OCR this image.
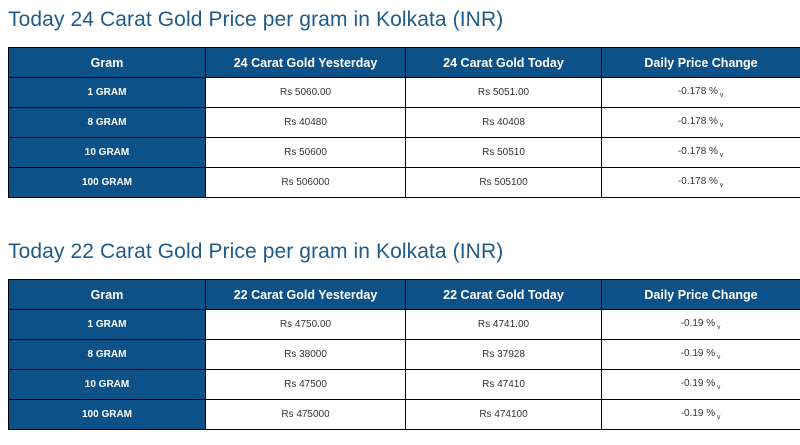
Today 24 Carat Gold Price per gram in Kolkata (INR)
Gram	24 Carat Gold Yesterday	24 Carat Gold Today	Daily Price Change
1 GRAM	Rs 5060.00	Rs 5051.00	-0.178 $\%_\vee$
8 GRAM	Rs 40480	Rs 40408	-0.178 $\%_\vee$
10 GRAM	Rs 50600	Rs 50510	-0.178 $\%_\vee$
100 GRAM	Rs 506000	Rs 505100	-0.178 $\%_\vee$
Today 22 Carat Gold Price per gram in Kolkata (INR)
Gram	22 Carat Gold Yesterday	22 Carat Gold Today	Daily Price Change
1 GRAM	Rs 4750.00	Rs 4741.00	-0.19 $\%_\vee$
8 GRAM	Rs 38000	Rs 37928	-0.19 $\%_\vee$
10 GRAM	Rs 47500	Rs 47410	-0.19 $\%_\vee$
100 GRAM	Rs 475000	Rs 474100	-0.19 $\%_\vee$
